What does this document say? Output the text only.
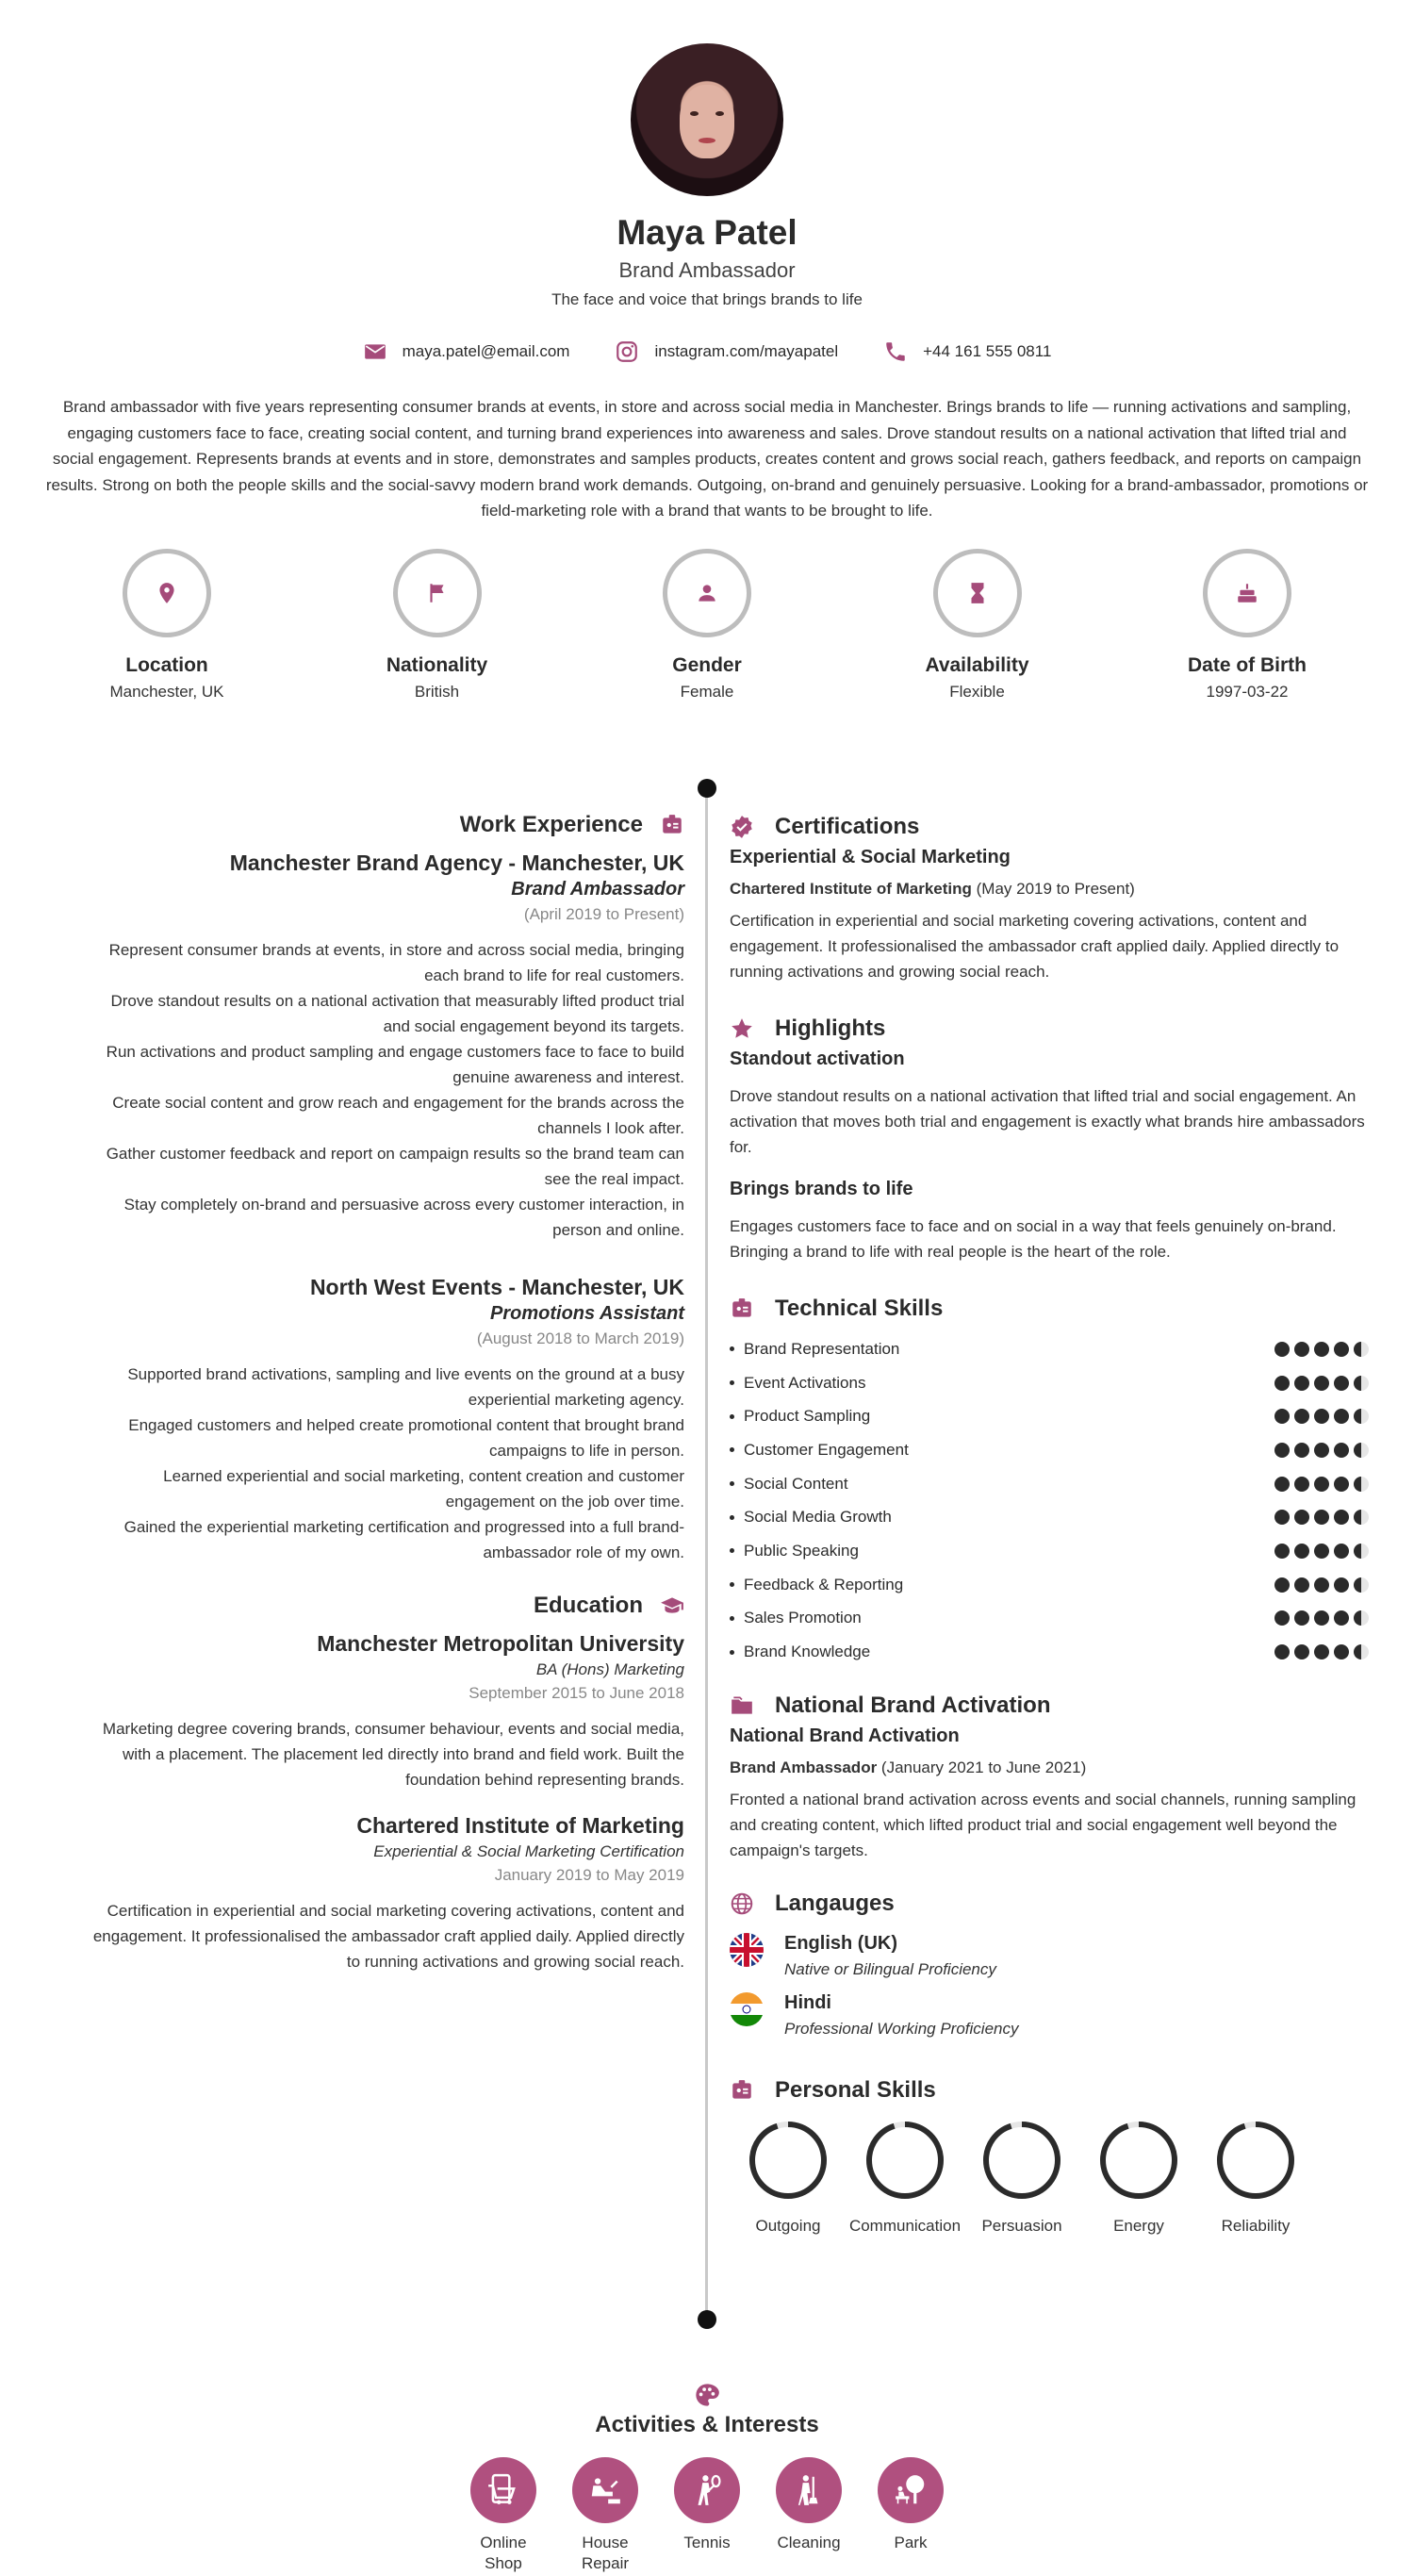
Maya Patel
Brand Ambassador
The face and voice that brings brands to life
maya.patel@email.com	instagram.com/mayapatel	+44 161 555 0811
Brand ambassador with five years representing consumer brands at events, in store and across social media in Manchester. Brings brands to life — running activations and sampling, engaging customers face to face, creating social content, and turning brand experiences into awareness and sales. Drove standout results on a national activation that lifted trial and social engagement. Represents brands at events and in store, demonstrates and samples products, creates content and grows social reach, gathers feedback, and reports on campaign results. Strong on both the people skills and the social-savvy modern brand work demands. Outgoing, on-brand and genuinely persuasive. Looking for a brand-ambassador, promotions or field-marketing role with a brand that wants to be brought to life.
Location
Manchester, UK
Nationality
British
Gender
Female
Availability
Flexible
Date of Birth
1997-03-22
Work Experience
Manchester Brand Agency - Manchester, UK
Brand Ambassador
(April 2019 to Present)
Represent consumer brands at events, in store and across social media, bringing
each brand to life for real customers.
Drove standout results on a national activation that measurably lifted product trial
and social engagement beyond its targets.
Run activations and product sampling and engage customers face to face to build
genuine awareness and interest.
Create social content and grow reach and engagement for the brands across the
channels I look after.
Gather customer feedback and report on campaign results so the brand team can
see the real impact.
Stay completely on-brand and persuasive across every customer interaction, in
person and online.
North West Events - Manchester, UK
Promotions Assistant
(August 2018 to March 2019)
Supported brand activations, sampling and live events on the ground at a busy
experiential marketing agency.
Engaged customers and helped create promotional content that brought brand
campaigns to life in person.
Learned experiential and social marketing, content creation and customer
engagement on the job over time.
Gained the experiential marketing certification and progressed into a full brand-
ambassador role of my own.
Education
Manchester Metropolitan University
BA (Hons) Marketing
September 2015 to June 2018
Marketing degree covering brands, consumer behaviour, events and social media,
with a placement. The placement led directly into brand and field work. Built the
foundation behind representing brands.
Chartered Institute of Marketing
Experiential & Social Marketing Certification
January 2019 to May 2019
Certification in experiential and social marketing covering activations, content and
engagement. It professionalised the ambassador craft applied daily. Applied directly
to running activations and growing social reach.
Certifications
Experiential & Social Marketing
Chartered Institute of Marketing (May 2019 to Present)
Certification in experiential and social marketing covering activations, content and engagement. It professionalised the ambassador craft applied daily. Applied directly to running activations and growing social reach.
Highlights
Standout activation
Drove standout results on a national activation that lifted trial and social engagement. An activation that moves both trial and engagement is exactly what brands hire ambassadors for.
Brings brands to life
Engages customers face to face and on social in a way that feels genuinely on-brand. Bringing a brand to life with real people is the heart of the role.
Technical Skills
Brand Representation
Event Activations
Product Sampling
Customer Engagement
Social Content
Social Media Growth
Public Speaking
Feedback & Reporting
Sales Promotion
Brand Knowledge
National Brand Activation
National Brand Activation
Brand Ambassador (January 2021 to June 2021)
Fronted a national brand activation across events and social channels, running sampling and creating content, which lifted product trial and social engagement well beyond the campaign's targets.
Langauges
English (UK)
Native or Bilingual Proficiency
Hindi
Professional Working Proficiency
Personal Skills
Outgoing	Communication	Persuasion	Energy	Reliability
Activities & Interests
Online Shop
House Repair
Tennis	Cleaning	Park
